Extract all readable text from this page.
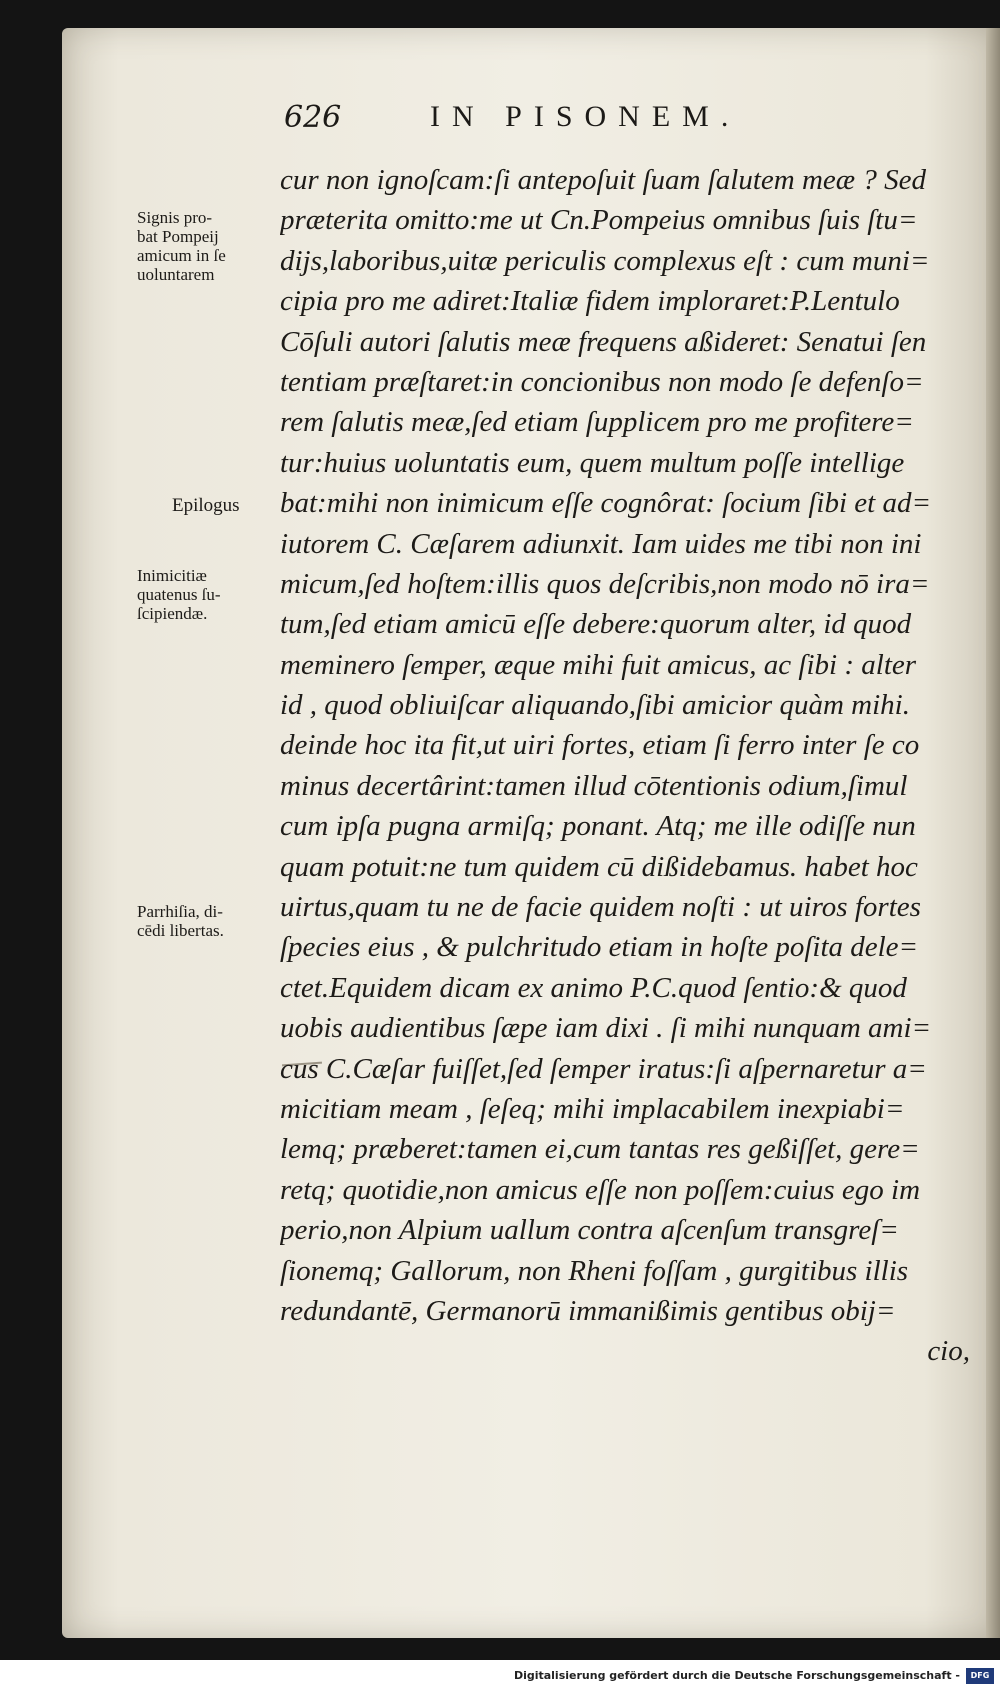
626	IN PISONEM.
Signis pro-
bat Pompeij
amicum in ſe
uoluntarem
Epilogus
Inimicitiæ
quatenus ſu-
ſcipiendæ.
Parrhiſia, di-
cēdi libertas.
cur non ignoſcam:ſi antepoſuit ſuam ſalutem meæ ? Sed
præterita omitto:me ut Cn.Pompeius omnibus ſuis ſtu=
dijs,laboribus,uitæ periculis complexus eſt : cum muni=
cipia pro me adiret:Italiæ fidem imploraret:P.Lentulo
Cōſuli autori ſalutis meæ frequens aßideret: Senatui ſen
tentiam præſtaret:in concionibus non modo ſe defenſo=
rem ſalutis meæ,ſed etiam ſupplicem pro me profitere=
tur:huius uoluntatis eum, quem multum poſſe intellige
bat:mihi non inimicum eſſe cognôrat: ſocium ſibi et ad=
iutorem C. Cæſarem adiunxit. Iam uides me tibi non ini
micum,ſed hoſtem:illis quos deſcribis,non modo nō ira=
tum,ſed etiam amicū eſſe debere:quorum alter, id quod
meminero ſemper, æque mihi fuit amicus, ac ſibi : alter
id , quod obliuiſcar aliquando,ſibi amicior quàm mihi.
deinde hoc ita fit,ut uiri fortes, etiam ſi ferro inter ſe co
minus decertârint:tamen illud cōtentionis odium,ſimul
cum ipſa pugna armiſq; ponant. Atq; me ille odiſſe nun
quam potuit:ne tum quidem cū dißidebamus. habet hoc
uirtus,quam tu ne de facie quidem noſti : ut uiros fortes
ſpecies eius , & pulchritudo etiam in hoſte poſita dele=
ctet.Equidem dicam ex animo P.C.quod ſentio:& quod
uobis audientibus ſæpe iam dixi . ſi mihi nunquam ami=
cus C.Cæſar fuiſſet,ſed ſemper iratus:ſi aſpernaretur a=
micitiam meam , ſeſeq; mihi implacabilem inexpiabi=
lemq; præberet:tamen ei,cum tantas res geßiſſet, gere=
retq; quotidie,non amicus eſſe non poſſem:cuius ego im
perio,non Alpium uallum contra aſcenſum transgreſ=
ſionemq; Gallorum, non Rheni foſſam , gurgitibus illis
redundantē, Germanorū immanißimis gentibus obij=
cio,
Digitalisierung gefördert durch die Deutsche Forschungsgemeinschaft -	DFG
